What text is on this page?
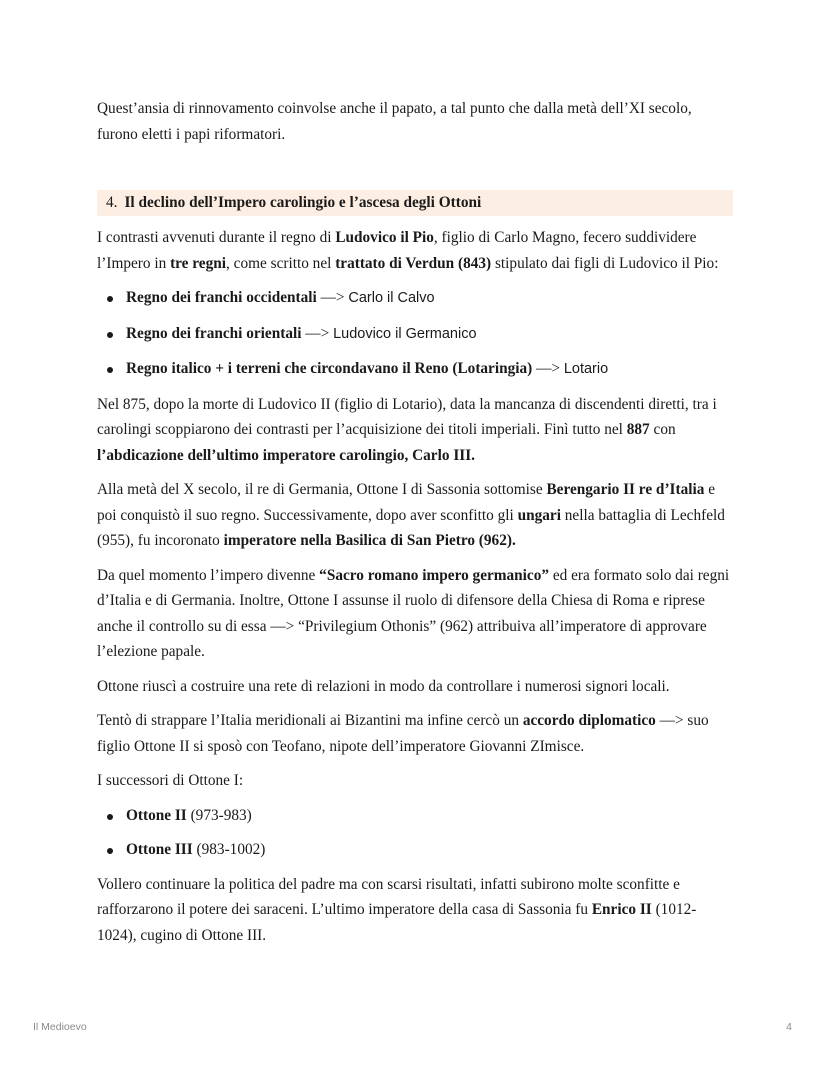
Quest’ansia di rinnovamento coinvolse anche il papato, a tal punto che dalla metà dell’XI secolo, furono eletti i papi riformatori.

4. Il declino dell’Impero carolingio e l’ascesa degli Ottoni

I contrasti avvenuti durante il regno di Ludovico il Pio, figlio di Carlo Magno, fecero suddividere l’Impero in tre regni, come scritto nel trattato di Verdun (843) stipulato dai figli di Ludovico il Pio:

Regno dei franchi occidentali —> Carlo il Calvo
Regno dei franchi orientali —> Ludovico il Germanico
Regno italico + i terreni che circondavano il Reno (Lotaringia) —> Lotario

Nel 875, dopo la morte di Ludovico II (figlio di Lotario), data la mancanza di discendenti diretti, tra i carolingi scoppiarono dei contrasti per l’acquisizione dei titoli imperiali. Finì tutto nel 887 con l’abdicazione dell’ultimo imperatore carolingio, Carlo III.

Alla metà del X secolo, il re di Germania, Ottone I di Sassonia sottomise Berengario II re d’Italia e poi conquistò il suo regno. Successivamente, dopo aver sconfitto gli ungari nella battaglia di Lechfeld (955), fu incoronato imperatore nella Basilica di San Pietro (962).

Da quel momento l’impero divenne “Sacro romano impero germanico” ed era formato solo dai regni d’Italia e di Germania. Inoltre, Ottone I assunse il ruolo di difensore della Chiesa di Roma e riprese anche il controllo su di essa —> “Privilegium Othonis” (962) attribuiva all’imperatore di approvare l’elezione papale.

Ottone riuscì a costruire una rete di relazioni in modo da controllare i numerosi signori locali.

Tentò di strappare l’Italia meridionali ai Bizantini ma infine cercò un accordo diplomatico —> suo figlio Ottone II si sposò con Teofano, nipote dell’imperatore Giovanni ZImisce.

I successori di Ottone I:

Ottone II (973-983)
Ottone III (983-1002)

Vollero continuare la politica del padre ma con scarsi risultati, infatti subirono molte sconfitte e rafforzarono il potere dei saraceni. L’ultimo imperatore della casa di Sassonia fu Enrico II (1012-1024), cugino di Ottone III.

Il Medioevo	4
